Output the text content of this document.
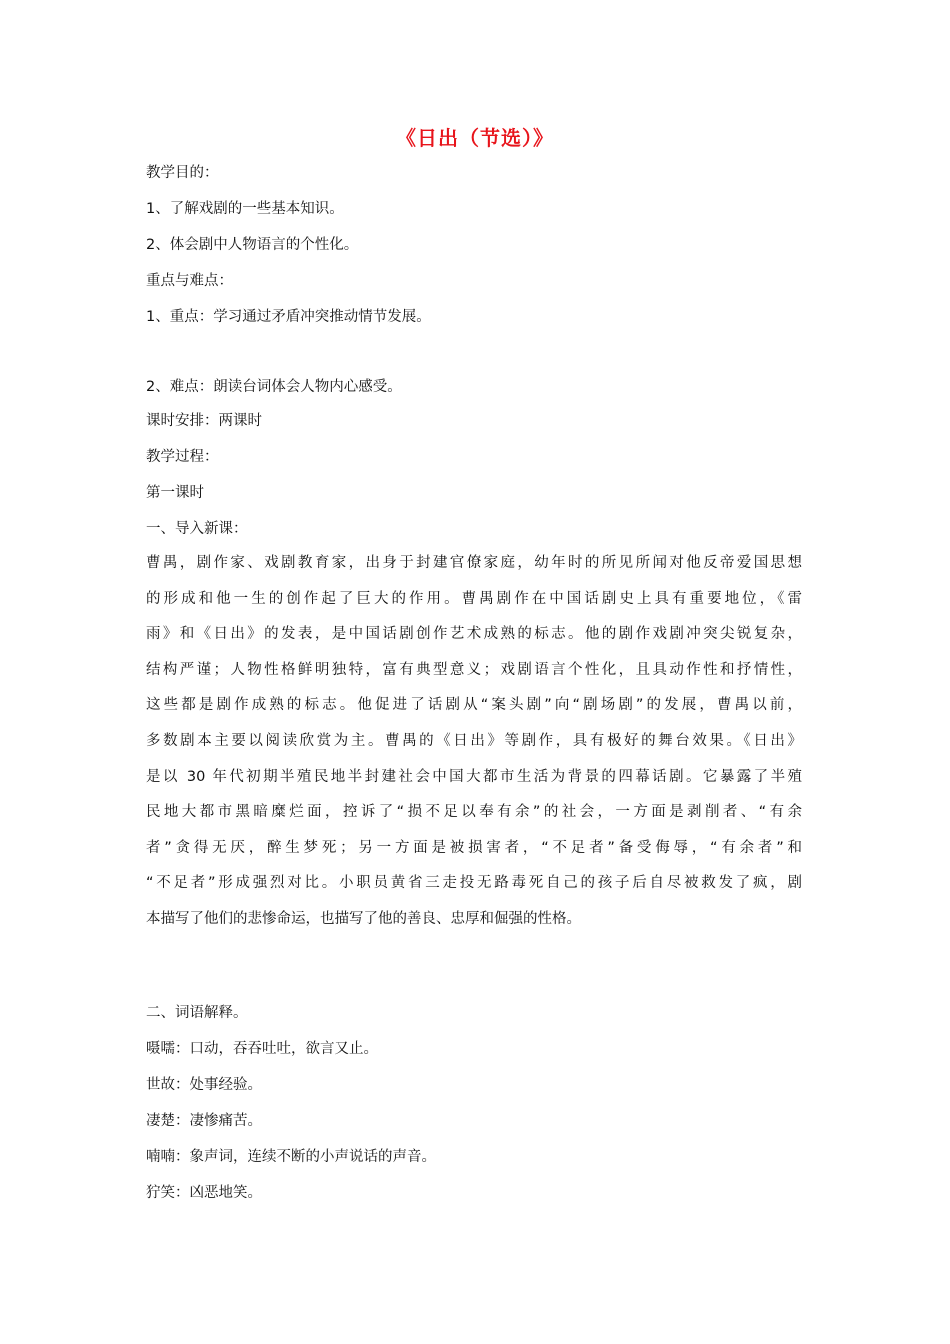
《日出（节选）》
教学目的：
1、了解戏剧的一些基本知识。
2、体会剧中人物语言的个性化。
重点与难点：
1、重点：学习通过矛盾冲突推动情节发展。
2、难点：朗读台词体会人物内心感受。
课时安排：两课时
教学过程：
第一课时
一、导入新课：
曹禺，剧作家、戏剧教育家，出身于封建官僚家庭，幼年时的所见所闻对他反帝爱国思想
的形成和他一生的创作起了巨大的作用。曹禺剧作在中国话剧史上具有重要地位，《雷
雨》和《日出》的发表，是中国话剧创作艺术成熟的标志。他的剧作戏剧冲突尖锐复杂，
结构严谨；人物性格鲜明独特，富有典型意义；戏剧语言个性化，且具动作性和抒情性，
这些都是剧作成熟的标志。他促进了话剧从“案头剧”向“剧场剧”的发展，曹禺以前，
多数剧本主要以阅读欣赏为主。曹禺的《日出》等剧作，具有极好的舞台效果。《日出》
是以 30 年代初期半殖民地半封建社会中国大都市生活为背景的四幕话剧。它暴露了半殖
民地大都市黑暗糜烂面，控诉了“损不足以奉有余”的社会，一方面是剥削者、“有余
者”贪得无厌，醉生梦死；另一方面是被损害者，“不足者”备受侮辱，“有余者”和
“不足者”形成强烈对比。小职员黄省三走投无路毒死自己的孩子后自尽被救发了疯，剧
本描写了他们的悲惨命运，也描写了他的善良、忠厚和倔强的性格。
二、词语解释。
嗫嚅：口动，吞吞吐吐，欲言又止。
世故：处事经验。
凄楚：凄惨痛苦。
喃喃：象声词，连续不断的小声说话的声音。
狞笑：凶恶地笑。
